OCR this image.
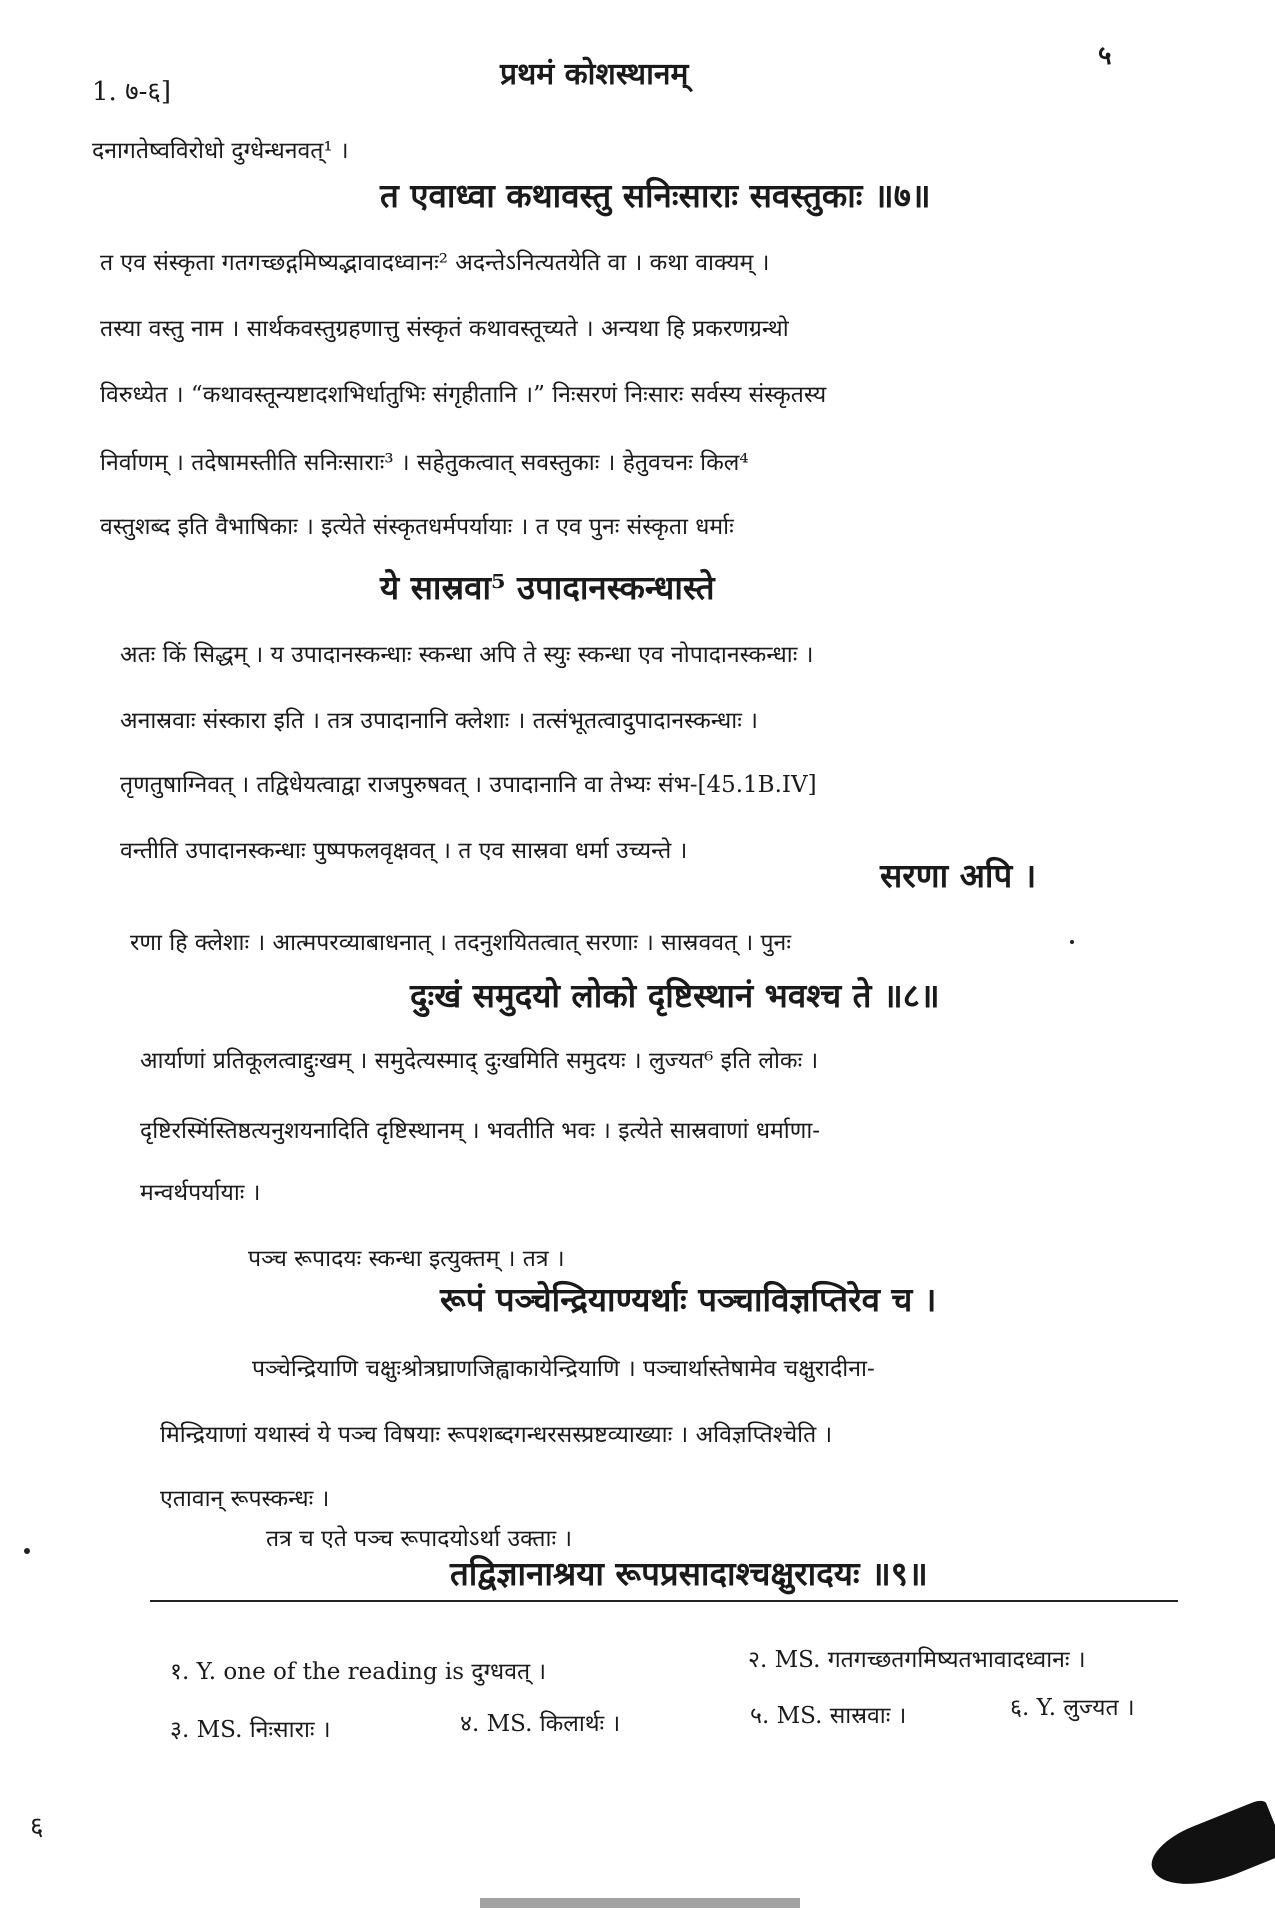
1. ७-६]	प्रथमं कोशस्थानम्
५
दनागतेष्वविरोधो दुग्धेन्धनवत्¹ ।
त एवाध्वा कथावस्तु सनिःसाराः सवस्तुकाः ॥७॥
त एव संस्कृता गतगच्छद्गमिष्यद्भावादध्वानः² अदन्तेऽनित्यतयेति वा । कथा वाक्यम् ।
तस्या वस्तु नाम । सार्थकवस्तुग्रहणात्तु संस्कृतं कथावस्तूच्यते । अन्यथा हि प्रकरणग्रन्थो
विरुध्येत । “कथावस्तून्यष्टादशभिर्धातुभिः संगृहीतानि ।” निःसरणं निःसारः सर्वस्य संस्कृतस्य
निर्वाणम् । तदेषामस्तीति सनिःसाराः³ । सहेतुकत्वात् सवस्तुकाः । हेतुवचनः किल⁴
वस्तुशब्द इति वैभाषिकाः । इत्येते संस्कृतधर्मपर्यायाः । त एव पुनः संस्कृता धर्माः
ये सास्रवा⁵ उपादानस्कन्धास्ते
अतः किं सिद्धम् । य उपादानस्कन्धाः स्कन्धा अपि ते स्युः स्कन्धा एव नोपादानस्कन्धाः ।
अनास्रवाः संस्कारा इति । तत्र उपादानानि क्लेशाः । तत्संभूतत्वादुपादानस्कन्धाः ।
तृणतुषाग्निवत् । तद्विधेयत्वाद्वा राजपुरुषवत् । उपादानानि वा तेभ्यः संभ-[45.1B.IV]
वन्तीति उपादानस्कन्धाः पुष्पफलवृक्षवत् । त एव सास्रवा धर्मा उच्यन्ते ।
सरणा अपि ।
रणा हि क्लेशाः । आत्मपरव्याबाधनात् । तदनुशयितत्वात् सरणाः । सास्रववत् । पुनः
दुःखं समुदयो लोको दृष्टिस्थानं भवश्च ते ॥८॥
आर्याणां प्रतिकूलत्वाद्दुःखम् । समुदेत्यस्माद् दुःखमिति समुदयः । लुज्यत⁶ इति लोकः ।
दृष्टिरस्मिंस्तिष्ठत्यनुशयनादिति दृष्टिस्थानम् । भवतीति भवः । इत्येते सास्रवाणां धर्माणा-
मन्वर्थपर्यायाः ।
पञ्च रूपादयः स्कन्धा इत्युक्तम् । तत्र ।
रूपं पञ्चेन्द्रियाण्यर्थाः पञ्चाविज्ञप्तिरेव च ।
पञ्चेन्द्रियाणि चक्षुःश्रोत्रघ्राणजिह्वाकायेन्द्रियाणि । पञ्चार्थास्तेषामेव चक्षुरादीना-
मिन्द्रियाणां यथास्वं ये पञ्च विषयाः रूपशब्दगन्धरसस्प्रष्टव्याख्याः । अविज्ञप्तिश्चेति ।
एतावान् रूपस्कन्धः ।
तत्र च एते पञ्च रूपादयोऽर्था उक्ताः ।
तद्विज्ञानाश्रया रूपप्रसादाश्चक्षुरादयः ॥९॥
१. Y. one of the reading is दुग्धवत् ।	२. MS. गतगच्छतगमिष्यतभावादध्वानः ।
३. MS. निःसाराः ।	४. MS. किलार्थः ।	५. MS. सास्रवाः ।	६. Y. लुज्यत ।
६
